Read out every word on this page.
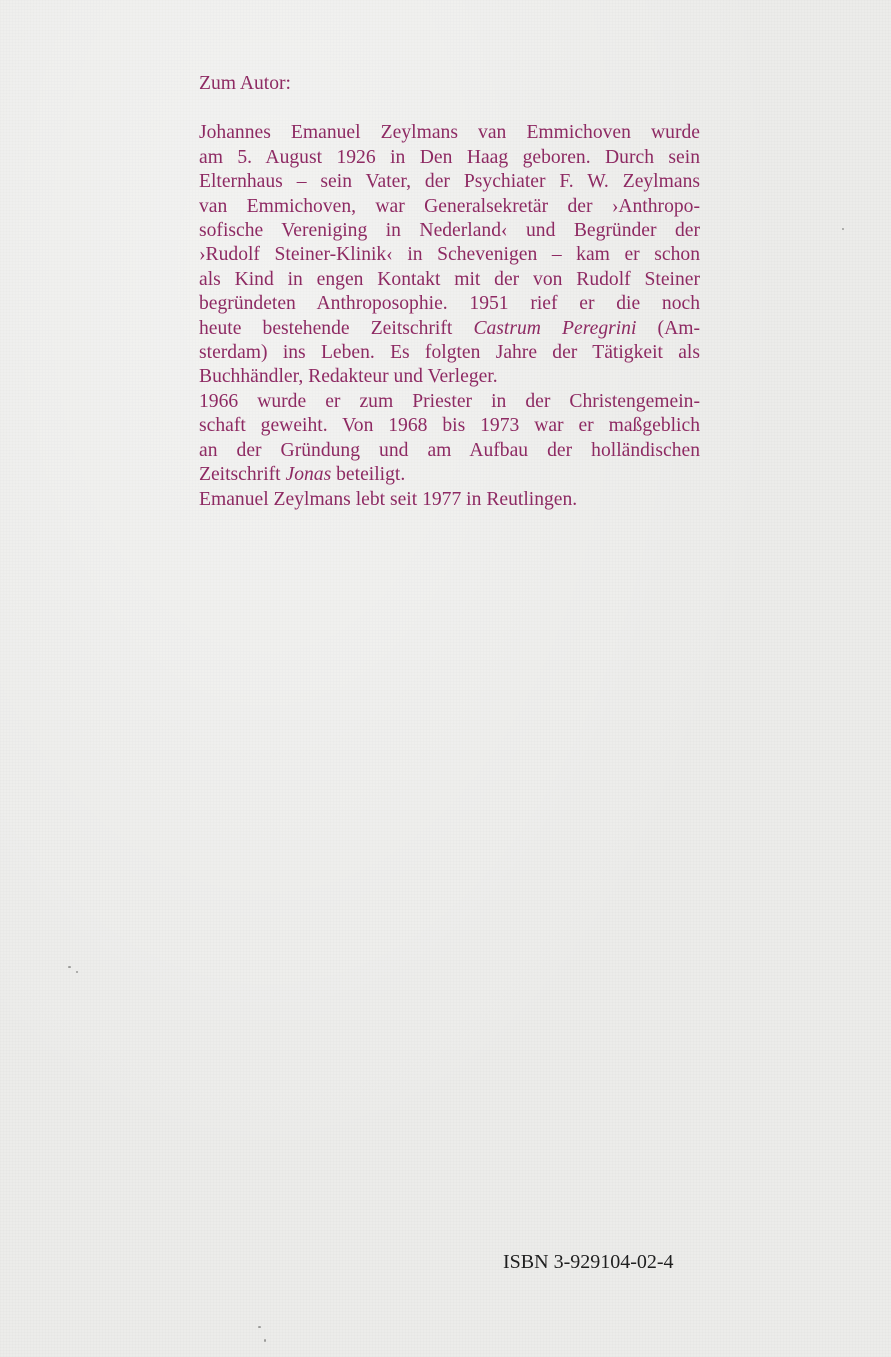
Zum Autor:

Johannes Emanuel Zeylmans van Emmichoven wurde
am 5. August 1926 in Den Haag geboren. Durch sein
Elternhaus – sein Vater, der Psychiater F. W. Zeylmans
van Emmichoven, war Generalsekretär der ›Anthropo-
sofische Vereniging in Nederland‹ und Begründer der
›Rudolf Steiner-Klinik‹ in Schevenigen – kam er schon
als Kind in engen Kontakt mit der von Rudolf Steiner
begründeten Anthroposophie. 1951 rief er die noch
heute bestehende Zeitschrift Castrum Peregrini (Am-
sterdam) ins Leben. Es folgten Jahre der Tätigkeit als
Buchhändler, Redakteur und Verleger.
1966 wurde er zum Priester in der Christengemein-
schaft geweiht. Von 1968 bis 1973 war er maßgeblich
an der Gründung und am Aufbau der holländischen
Zeitschrift Jonas beteiligt.
Emanuel Zeylmans lebt seit 1977 in Reutlingen.
ISBN 3-929104-02-4
